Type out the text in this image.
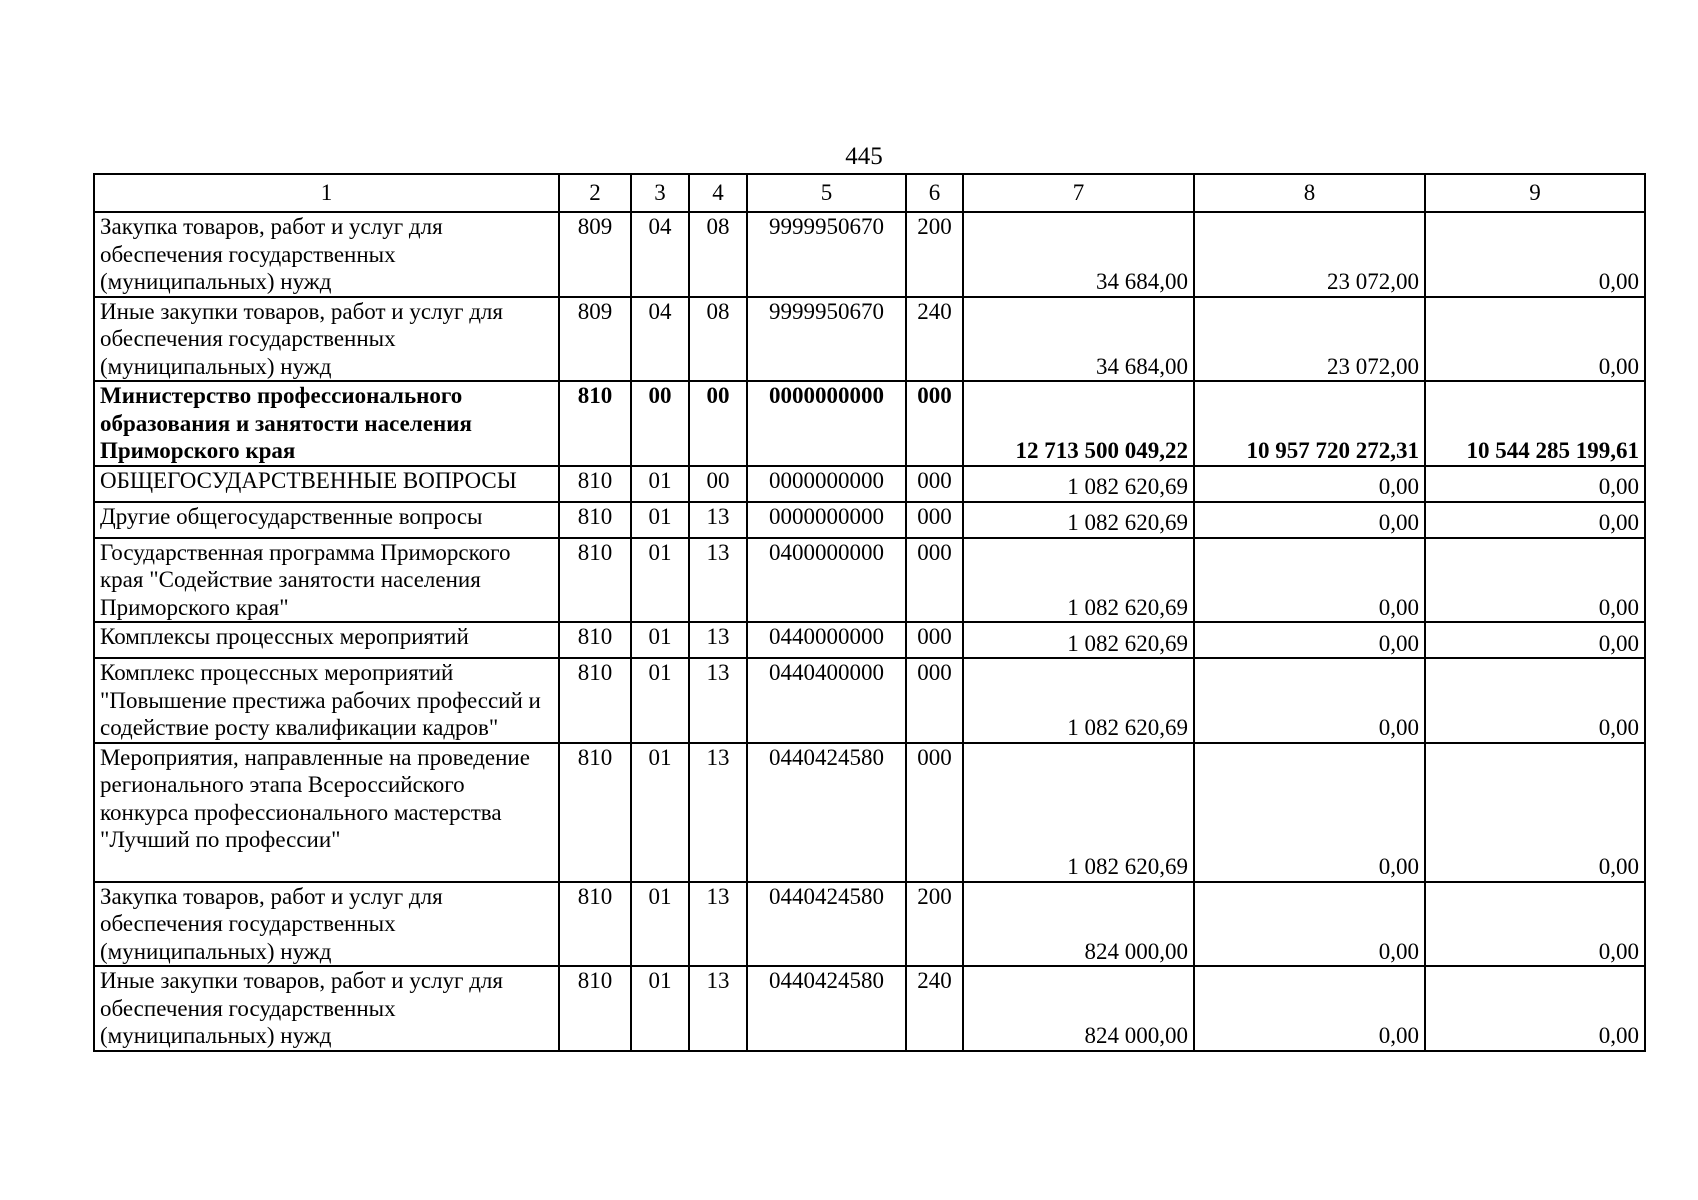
445
1	2	3	4	5	6	7	8	9
Закупка товаров, работ и услуг для обеспечения государственных (муниципальных) нужд	809	04	08	9999950670	200	34 684,00	23 072,00	0,00
Иные закупки товаров, работ и услуг для обеспечения государственных (муниципальных) нужд	809	04	08	9999950670	240	34 684,00	23 072,00	0,00
Министерство профессионального образования и занятости населения Приморского края	810	00	00	0000000000	000	12 713 500 049,22	10 957 720 272,31	10 544 285 199,61
ОБЩЕГОСУДАРСТВЕННЫЕ ВОПРОСЫ	810	01	00	0000000000	000	1 082 620,69	0,00	0,00
Другие общегосударственные вопросы	810	01	13	0000000000	000	1 082 620,69	0,00	0,00
Государственная программа Приморского края "Содействие занятости населения Приморского края"	810	01	13	0400000000	000	1 082 620,69	0,00	0,00
Комплексы процессных мероприятий	810	01	13	0440000000	000	1 082 620,69	0,00	0,00
Комплекс процессных мероприятий "Повышение престижа рабочих профессий и содействие росту квалификации кадров"	810	01	13	0440400000	000	1 082 620,69	0,00	0,00
Мероприятия, направленные на проведение регионального этапа Всероссийского конкурса профессионального мастерства "Лучший по профессии"	810	01	13	0440424580	000	1 082 620,69	0,00	0,00
Закупка товаров, работ и услуг для обеспечения государственных (муниципальных) нужд	810	01	13	0440424580	200	824 000,00	0,00	0,00
Иные закупки товаров, работ и услуг для обеспечения государственных (муниципальных) нужд	810	01	13	0440424580	240	824 000,00	0,00	0,00
